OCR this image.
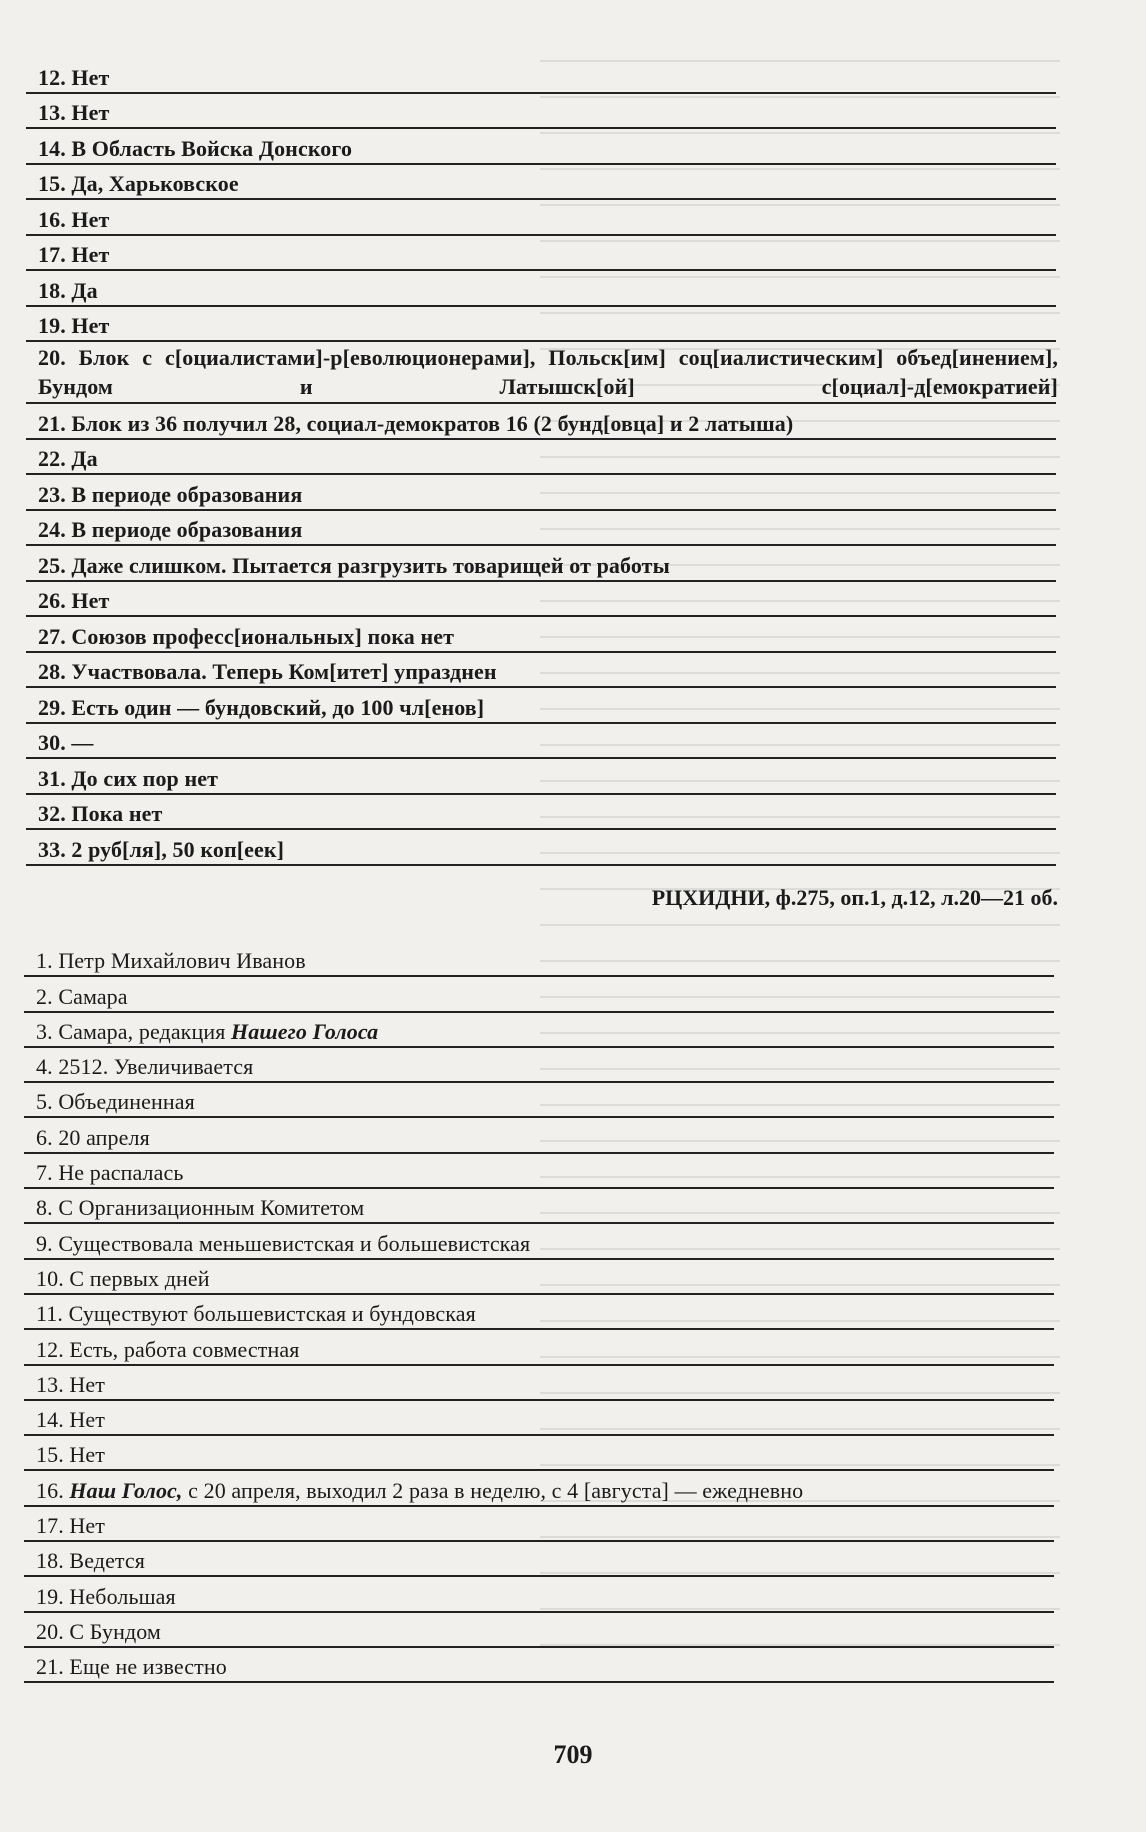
12. Нет
13. Нет
14. В Область Войска Донского
15. Да, Харьковское
16. Нет
17. Нет
18. Да
19. Нет
20. Блок с с[оциалистами]-р[еволюционерами], Польск[им] соц[иалистическим] объед[инением], Бундом и Латышск[ой] с[оциал]-д[емократией]
21. Блок из 36 получил 28, социал-демократов 16 (2 бунд[овца] и 2 латыша)
22. Да
23. В периоде образования
24. В периоде образования
25. Даже слишком. Пытается разгрузить товарищей от работы
26. Нет
27. Союзов професс[иональных] пока нет
28. Участвовала. Теперь Ком[итет] упразднен
29. Есть один — бундовский, до 100 чл[енов]
30. —
31. До сих пор нет
32. Пока нет
33. 2 руб[ля], 50 коп[еек]
РЦХИДНИ, ф.275, оп.1, д.12, л.20—21 об.
1. Петр Михайлович Иванов
2. Самара
3. Самара, редакция Нашего Голоса
4. 2512. Увеличивается
5. Объединенная
6. 20 апреля
7. Не распалась
8. С Организационным Комитетом
9. Существовала меньшевистская и большевистская
10. С первых дней
11. Существуют большевистская и бундовская
12. Есть, работа совместная
13. Нет
14. Нет
15. Нет
16. Наш Голос, с 20 апреля, выходил 2 раза в неделю, с 4 [августа] — ежедневно
17. Нет
18. Ведется
19. Небольшая
20. С Бундом
21. Еще не известно
709
